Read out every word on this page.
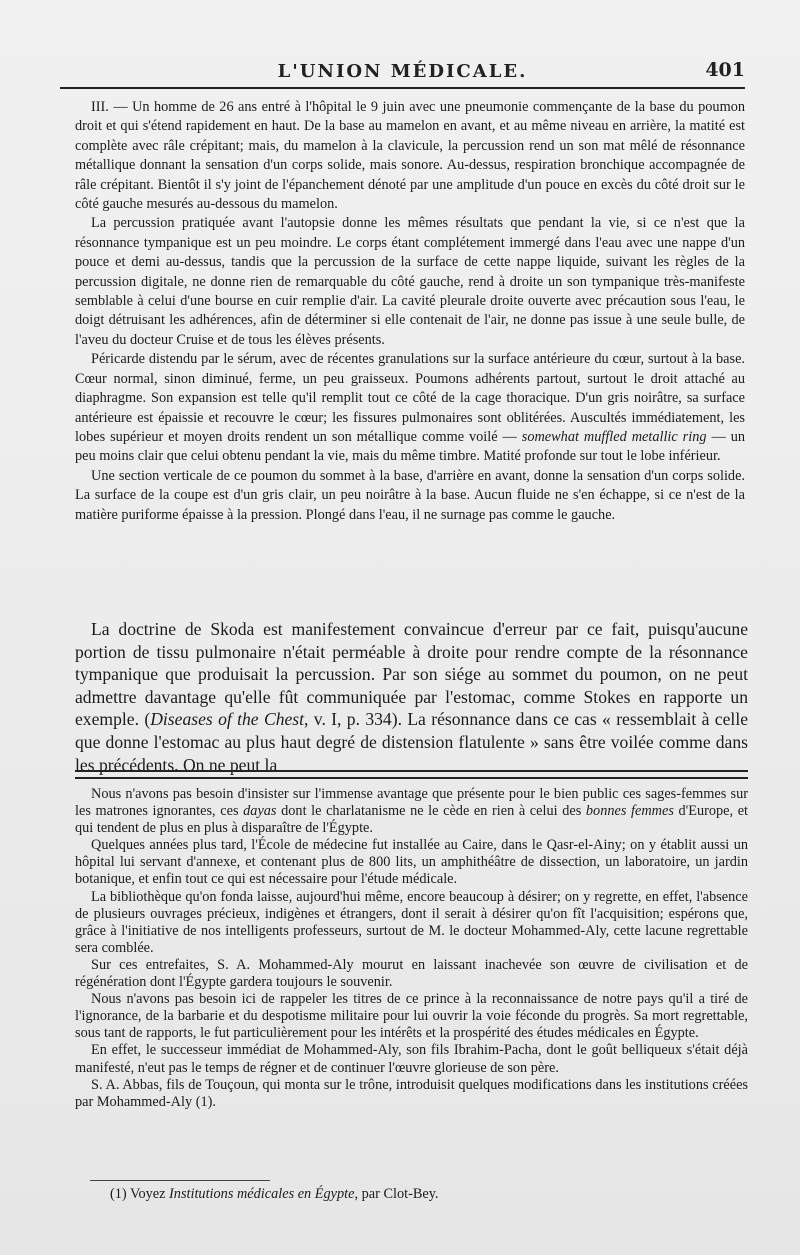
L'UNION MÉDICALE.	401

III. — Un homme de 26 ans entré à l'hôpital le 9 juin avec une pneumonie commençante de la base du poumon droit et qui s'étend rapidement en haut. De la base au mamelon en avant, et au même niveau en arrière, la matité est complète avec râle crépitant; mais, du mamelon à la clavicule, la percussion rend un son mat mêlé de résonnance métallique donnant la sensation d'un corps solide, mais sonore. Au-dessus, respiration bronchique accompagnée de râle crépitant. Bientôt il s'y joint de l'épanchement dénoté par une amplitude d'un pouce en excès du côté droit sur le côté gauche mesurés au-dessous du mamelon.

La percussion pratiquée avant l'autopsie donne les mêmes résultats que pendant la vie, si ce n'est que la résonnance tympanique est un peu moindre. Le corps étant complétement immergé dans l'eau avec une nappe d'un pouce et demi au-dessus, tandis que la percussion de la surface de cette nappe liquide, suivant les règles de la percussion digitale, ne donne rien de remarquable du côté gauche, rend à droite un son tympanique très-manifeste semblable à celui d'une bourse en cuir remplie d'air. La cavité pleurale droite ouverte avec précaution sous l'eau, le doigt détruisant les adhérences, afin de déterminer si elle contenait de l'air, ne donne pas issue à une seule bulle, de l'aveu du docteur Cruise et de tous les élèves présents.

Péricarde distendu par le sérum, avec de récentes granulations sur la surface antérieure du cœur, surtout à la base. Cœur normal, sinon diminué, ferme, un peu graisseux. Poumons adhérents partout, surtout le droit attaché au diaphragme. Son expansion est telle qu'il remplit tout ce côté de la cage thoracique. D'un gris noirâtre, sa surface antérieure est épaissie et recouvre le cœur; les fissures pulmonaires sont oblitérées. Auscultés immédiatement, les lobes supérieur et moyen droits rendent un son métallique comme voilé — somewhat muffled metallic ring — un peu moins clair que celui obtenu pendant la vie, mais du même timbre. Matité profonde sur tout le lobe inférieur.

Une section verticale de ce poumon du sommet à la base, d'arrière en avant, donne la sensation d'un corps solide. La surface de la coupe est d'un gris clair, un peu noirâtre à la base. Aucun fluide ne s'en échappe, si ce n'est de la matière puriforme épaisse à la pression. Plongé dans l'eau, il ne surnage pas comme le gauche.

La doctrine de Skoda est manifestement convaincue d'erreur par ce fait, puisqu'aucune portion de tissu pulmonaire n'était perméable à droite pour rendre compte de la résonnance tympanique que produisait la percussion. Par son siége au sommet du poumon, on ne peut admettre davantage qu'elle fût communiquée par l'estomac, comme Stokes en rapporte un exemple. (Diseases of the Chest, v. I, p. 334). La résonnance dans ce cas « ressemblait à celle que donne l'estomac au plus haut degré de distension flatulente » sans être voilée comme dans les précédents. On ne peut la

Nous n'avons pas besoin d'insister sur l'immense avantage que présente pour le bien public ces sages-femmes sur les matrones ignorantes, ces dayas dont le charlatanisme ne le cède en rien à celui des bonnes femmes d'Europe, et qui tendent de plus en plus à disparaître de l'Égypte.

Quelques années plus tard, l'École de médecine fut installée au Caire, dans le Qasr-el-Ainy; on y établit aussi un hôpital lui servant d'annexe, et contenant plus de 800 lits, un amphithéâtre de dissection, un laboratoire, un jardin botanique, et enfin tout ce qui est nécessaire pour l'étude médicale.

La bibliothèque qu'on fonda laisse, aujourd'hui même, encore beaucoup à désirer; on y regrette, en effet, l'absence de plusieurs ouvrages précieux, indigènes et étrangers, dont il serait à désirer qu'on fît l'acquisition; espérons que, grâce à l'initiative de nos intelligents professeurs, surtout de M. le docteur Mohammed-Aly, cette lacune regrettable sera comblée.

Sur ces entrefaites, S. A. Mohammed-Aly mourut en laissant inachevée son œuvre de civilisation et de régénération dont l'Égypte gardera toujours le souvenir.

Nous n'avons pas besoin ici de rappeler les titres de ce prince à la reconnaissance de notre pays qu'il a tiré de l'ignorance, de la barbarie et du despotisme militaire pour lui ouvrir la voie féconde du progrès. Sa mort regrettable, sous tant de rapports, le fut particulièrement pour les intérêts et la prospérité des études médicales en Égypte.

En effet, le successeur immédiat de Mohammed-Aly, son fils Ibrahim-Pacha, dont le goût belliqueux s'était déjà manifesté, n'eut pas le temps de régner et de continuer l'œuvre glorieuse de son père.

S. A. Abbas, fils de Touçoun, qui monta sur le trône, introduisit quelques modifications dans les institutions créées par Mohammed-Aly (1).

(1) Voyez Institutions médicales en Égypte, par Clot-Bey.
